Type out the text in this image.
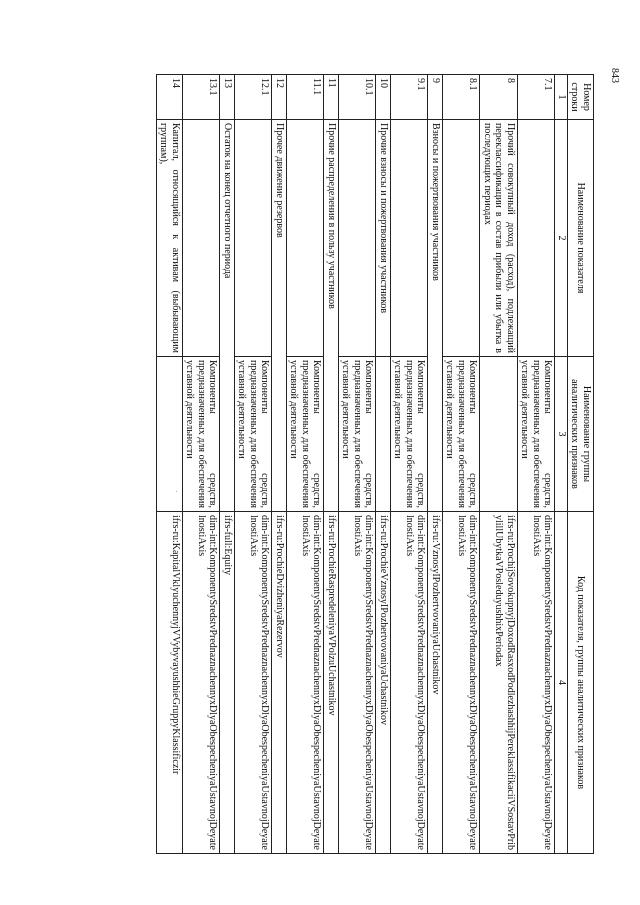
843
.
Номер строки	Наименование показателя	Наименование группы аналитических признаков	Код показателя, группы аналитических признаков
1	2	3	4
7.1		Компоненты средств, предназначенных для обеспечения уставной деятельности	dim-int:KomponentySredstvPrednaznachennyxDlyaObespecheniyaUstavnojDeyatelnostiAxis
8	Прочий совокупный доход (расход), подлежащий переклассификации в состав прибыли или убытка в последующих периодах		ifrs-ru:ProchijSovokupnyjDoxodRasxodPodlezhashhijPereklassifikaciiVSostavPribylillUbytkaVPosleduyushhixPeriodax
8.1		Компоненты средств, предназначенных для обеспечения уставной деятельности	dim-int:KomponentySredstvPrednaznachennyxDlyaObespecheniyaUstavnojDeyatelnostiAxis
9	Взносы и пожертвования участников		ifrs-ru:VznosyIPozhertvovaniyaUchastnikov
9.1		Компоненты средств, предназначенных для обеспечения уставной деятельности	dim-int:KomponentySredstvPrednaznachennyxDlyaObespecheniyaUstavnojDeyatelnostiAxis
10	Прочие взносы и пожертвования участников		ifrs-ru:ProchieVznosyIPozhertvovaniyaUchastnikov
10.1		Компоненты средств, предназначенных для обеспечения уставной деятельности	dim-int:KomponentySredstvPrednaznachennyxDlyaObespecheniyaUstavnojDeyatelnostiAxis
11	Прочие распределения в пользу участников		ifrs-ru:ProchieRaspredeleniyaVPolzuUchastnikov
11.1		Компоненты средств, предназначенных для обеспечения уставной деятельности	dim-int:KomponentySredstvPrednaznachennyxDlyaObespecheniyaUstavnojDeyatelnostiAxis
12	Прочее движение резервов		ifrs-ru:ProchieDvizheniyaRezervov
12.1		Компоненты средств, предназначенных для обеспечения уставной деятельности	dim-int:KomponentySredstvPrednaznachennyxDlyaObespecheniyaUstavnojDeyatelnostiAxis
13	Остаток на конец отчетного периода		ifrs-full:Equity
13.1		Компоненты средств, предназначенных для обеспечения уставной деятельности	dim-int:KomponentySredstvPrednaznachennyxDlyaObespecheniyaUstavnojDeyatelnostiAxis
14	Капитал, относящийся к активам (выбывающим группам),		ifrs-ru:KapitalVklyuchennyjVVybyvayushhieGruppyKlassificzir
